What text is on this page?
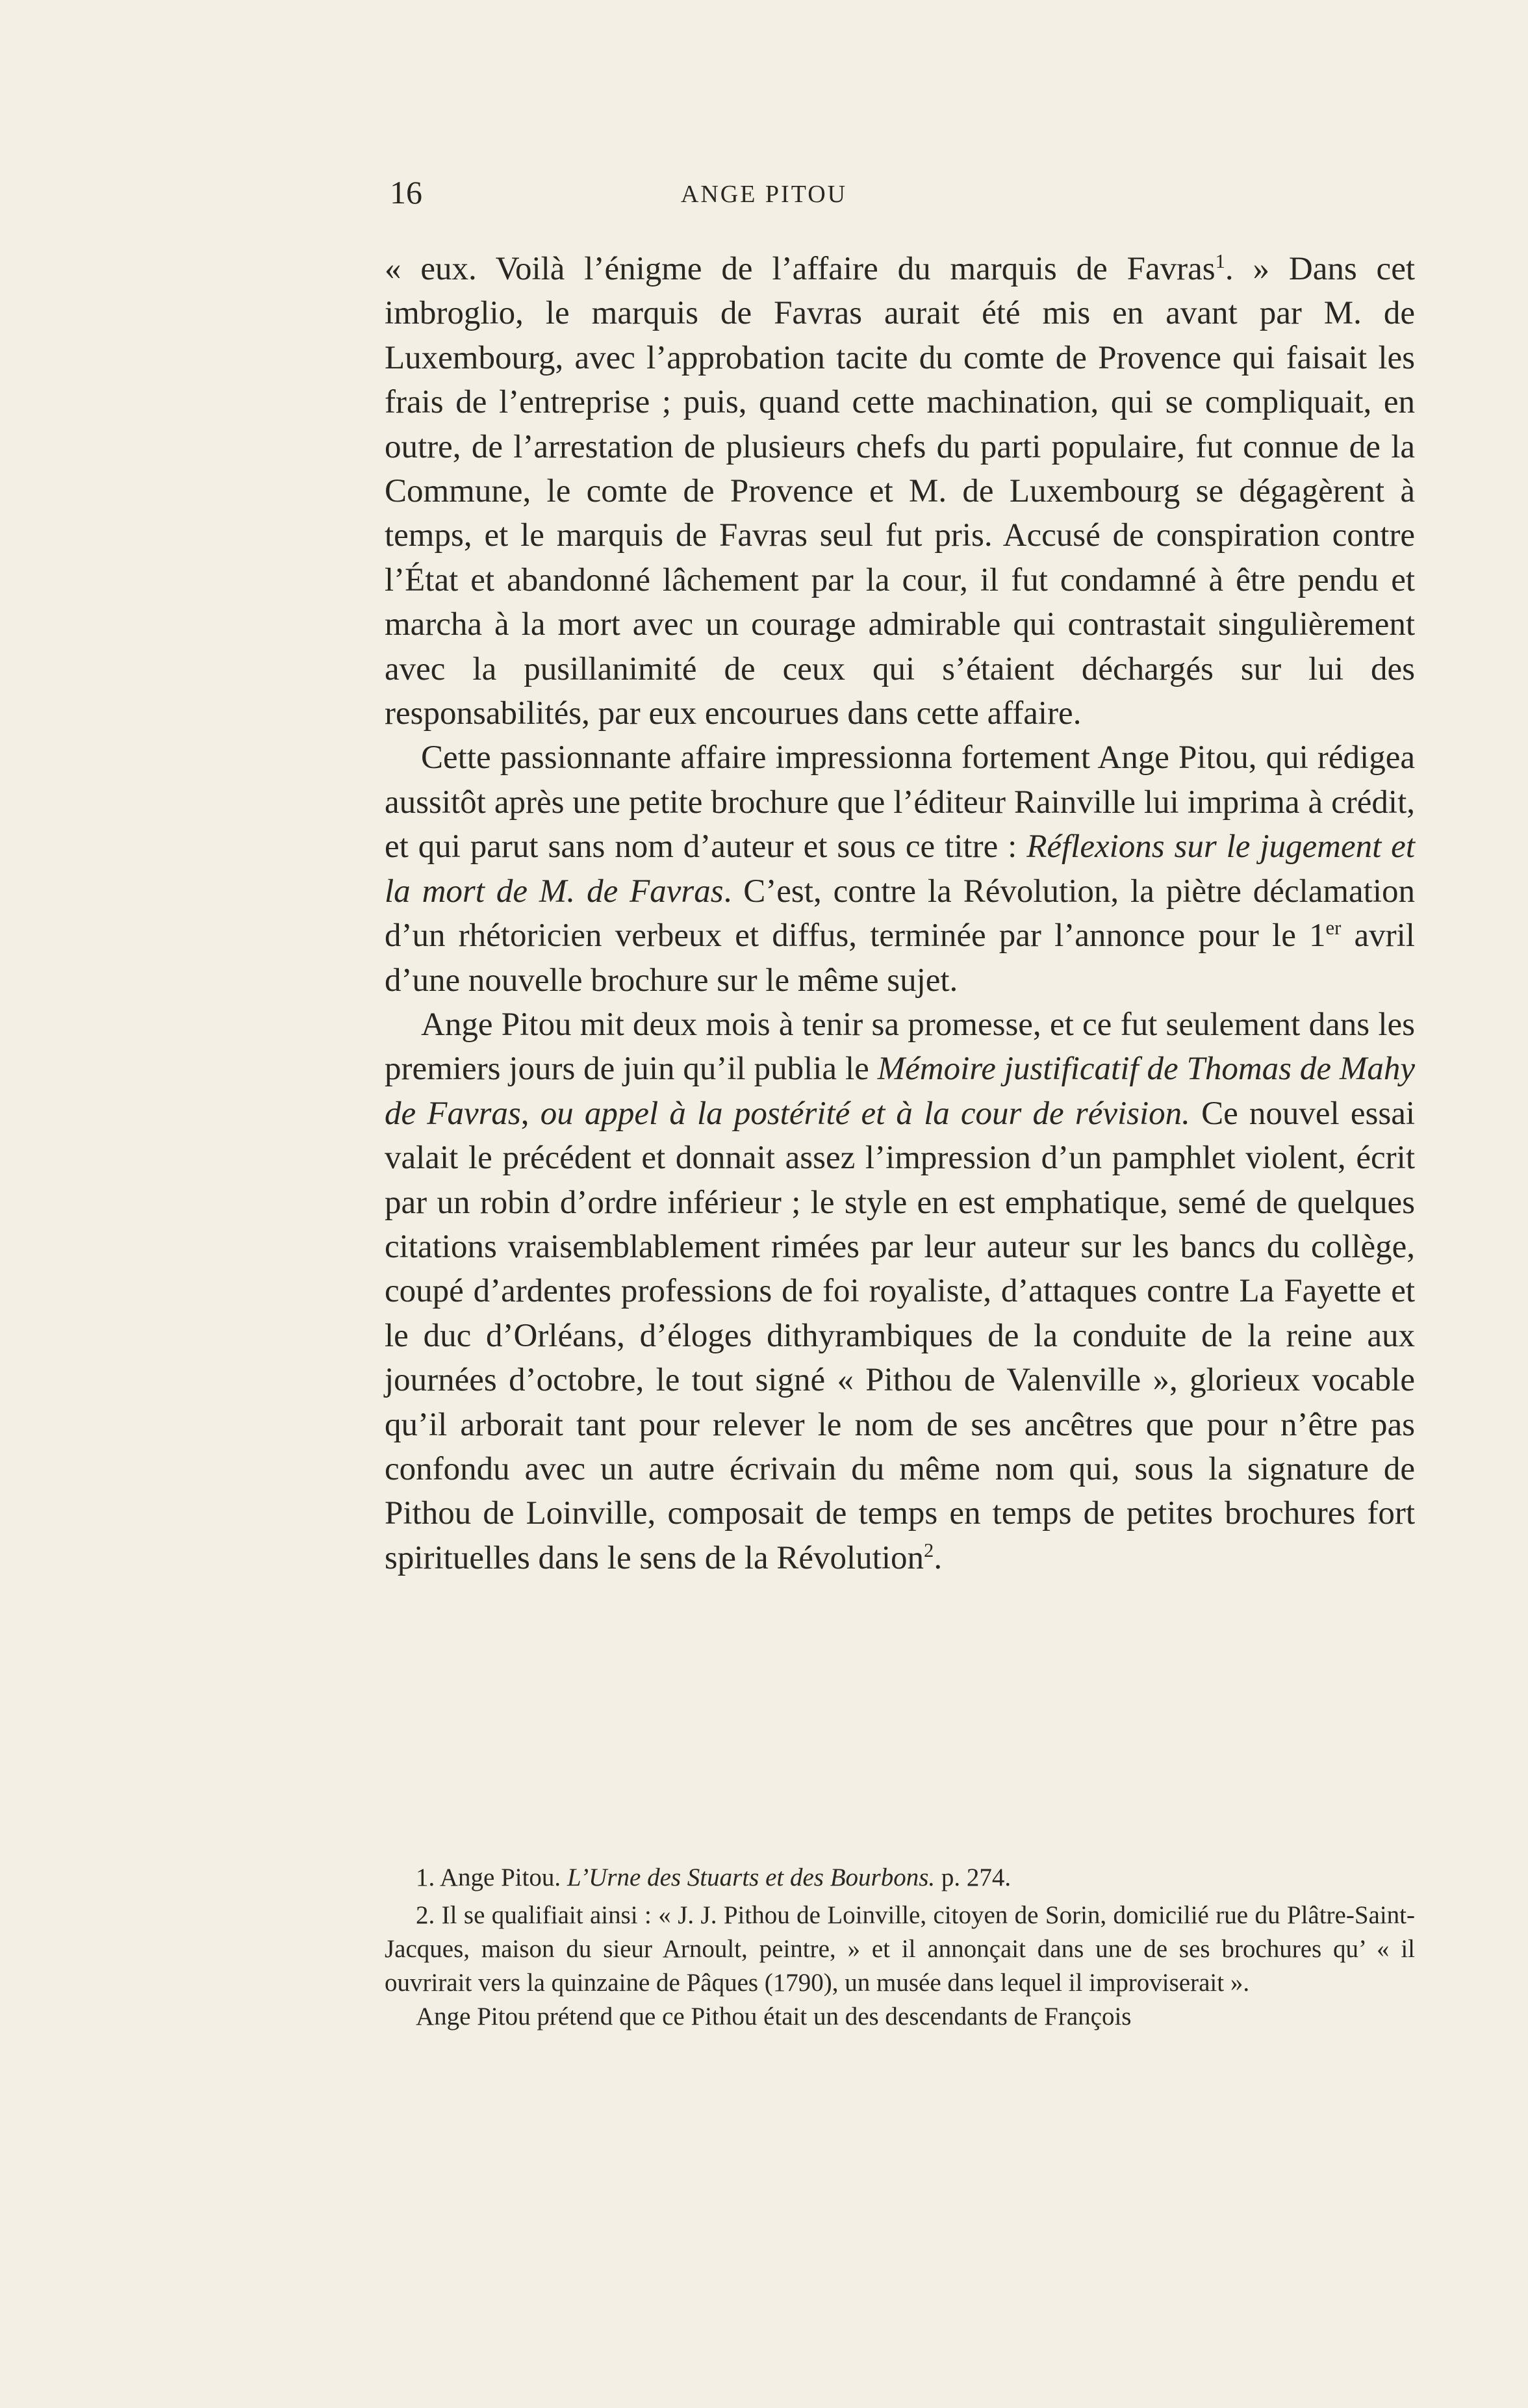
16	ANGE PITOU

« eux. Voilà l’énigme de l’affaire du marquis de Favras$^1$. » Dans cet imbroglio, le marquis de Favras aurait été mis en avant par M. de Luxembourg, avec l’approbation tacite du comte de Provence qui faisait les frais de l’entreprise ; puis, quand cette machination, qui se compliquait, en outre, de l’arrestation de plusieurs chefs du parti populaire, fut connue de la Commune, le comte de Provence et M. de Luxembourg se dégagèrent à temps, et le marquis de Favras seul fut pris. Accusé de conspiration contre l’État et abandonné lâchement par la cour, il fut condamné à être pendu et marcha à la mort avec un courage admirable qui contrastait singulièrement avec la pusillanimité de ceux qui s’étaient déchargés sur lui des responsabilités, par eux encourues dans cette affaire.

Cette passionnante affaire impressionna fortement Ange Pitou, qui rédigea aussitôt après une petite brochure que l’éditeur Rainville lui imprima à crédit, et qui parut sans nom d’auteur et sous ce titre : Réflexions sur le jugement et la mort de M. de Favras. C’est, contre la Révolution, la piètre déclamation d’un rhétoricien verbeux et diffus, terminée par l’annonce pour le 1er avril d’une nouvelle brochure sur le même sujet.

Ange Pitou mit deux mois à tenir sa promesse, et ce fut seulement dans les premiers jours de juin qu’il publia le Mémoire justificatif de Thomas de Mahy de Favras, ou appel à la postérité et à la cour de révision. Ce nouvel essai valait le précédent et donnait assez l’impression d’un pamphlet violent, écrit par un robin d’ordre inférieur ; le style en est emphatique, semé de quelques citations vraisemblablement rimées par leur auteur sur les bancs du collège, coupé d’ardentes professions de foi royaliste, d’attaques contre La Fayette et le duc d’Orléans, d’éloges dithyrambiques de la conduite de la reine aux journées d’octobre, le tout signé « Pithou de Valenville », glorieux vocable qu’il arborait tant pour relever le nom de ses ancêtres que pour n’être pas confondu avec un autre écrivain du même nom qui, sous la signature de Pithou de Loinville, composait de temps en temps de petites brochures fort spirituelles dans le sens de la Révolution$^2$.

1. Ange Pitou. L’Urne des Stuarts et des Bourbons. p. 274.

2. Il se qualifiait ainsi : « J. J. Pithou de Loinville, citoyen de Sorin, domicilié rue du Plâtre-Saint-Jacques, maison du sieur Arnoult, peintre, » et il annonçait dans une de ses brochures qu’ « il ouvrirait vers la quinzaine de Pâques (1790), un musée dans lequel il improviserait ».

Ange Pitou prétend que ce Pithou était un des descendants de François
